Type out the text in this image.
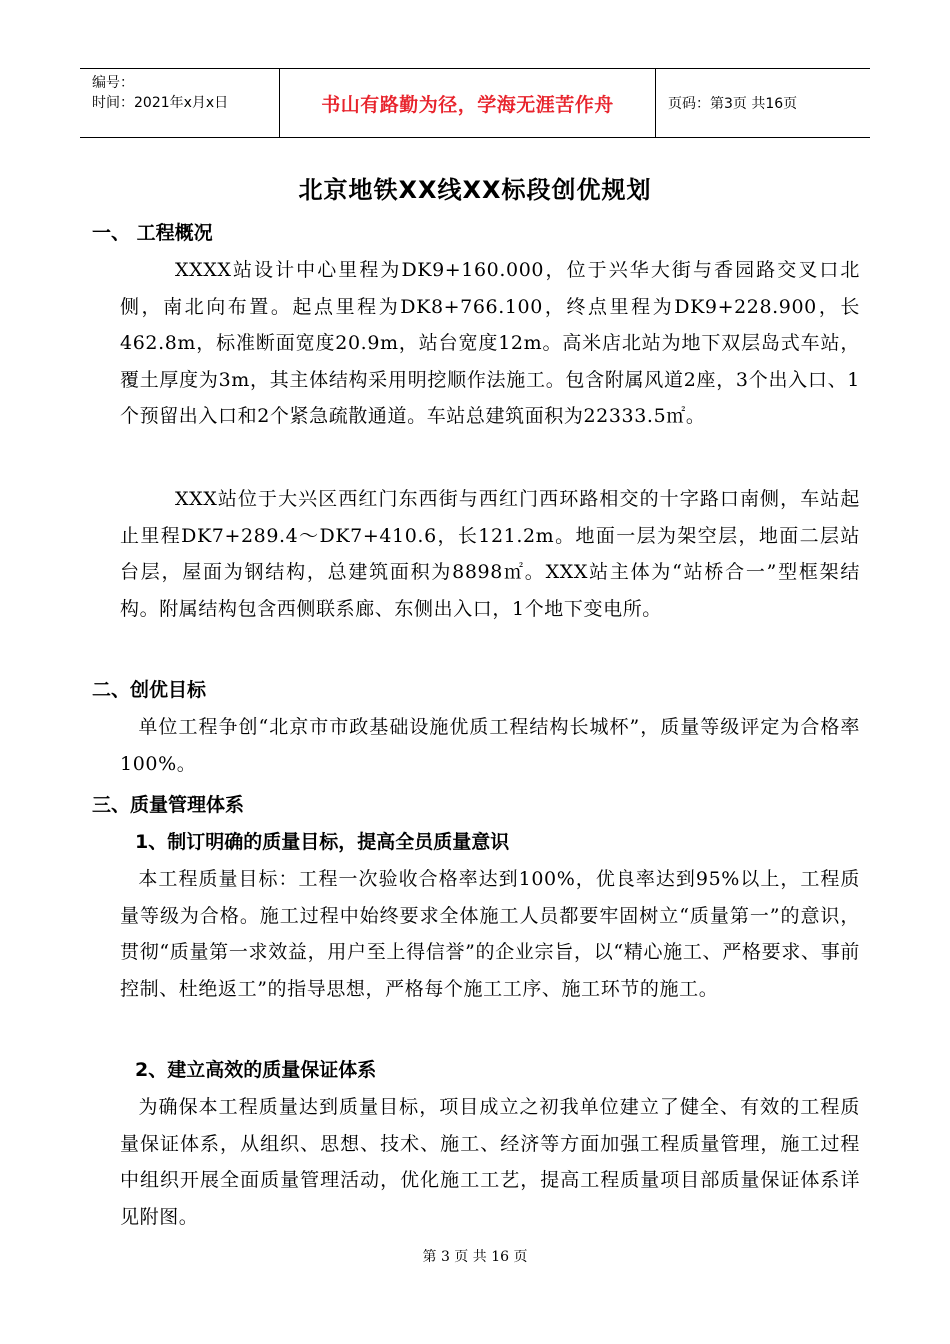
编号：
时间：2021年x月x日	书山有路勤为径，学海无涯苦作舟	页码：第3页 共16页
北京地铁XX线XX标段创优规划
一、 工程概况
XXXX站设计中心里程为DK9+160.000，位于兴华大街与香园路交叉口北侧，南北向布置。起点里程为DK8+766.100，终点里程为DK9+228.900，长462.8m，标准断面宽度20.9m，站台宽度12m。高米店北站为地下双层岛式车站，覆土厚度为3m，其主体结构采用明挖顺作法施工。包含附属风道2座，3个出入口、1个预留出入口和2个紧急疏散通道。车站总建筑面积为22333.5㎡。
XXX站位于大兴区西红门东西街与西红门西环路相交的十字路口南侧，车站起止里程DK7+289.4～DK7+410.6，长121.2m。地面一层为架空层，地面二层站台层，屋面为钢结构，总建筑面积为8898㎡。XXX站主体为“站桥合一”型框架结构。附属结构包含西侧联系廊、东侧出入口，1个地下变电所。
二、创优目标
单位工程争创“北京市市政基础设施优质工程结构长城杯”，质量等级评定为合格率100%。
三、质量管理体系
1、制订明确的质量目标，提高全员质量意识
本工程质量目标：工程一次验收合格率达到100%，优良率达到95%以上，工程质量等级为合格。施工过程中始终要求全体施工人员都要牢固树立“质量第一”的意识，贯彻“质量第一求效益，用户至上得信誉”的企业宗旨，以“精心施工、严格要求、事前控制、杜绝返工”的指导思想，严格每个施工工序、施工环节的施工。
2、建立高效的质量保证体系
为确保本工程质量达到质量目标，项目成立之初我单位建立了健全、有效的工程质量保证体系，从组织、思想、技术、施工、经济等方面加强工程质量管理，施工过程中组织开展全面质量管理活动，优化施工工艺，提高工程质量项目部质量保证体系详见附图。
第 3 页 共 16 页
